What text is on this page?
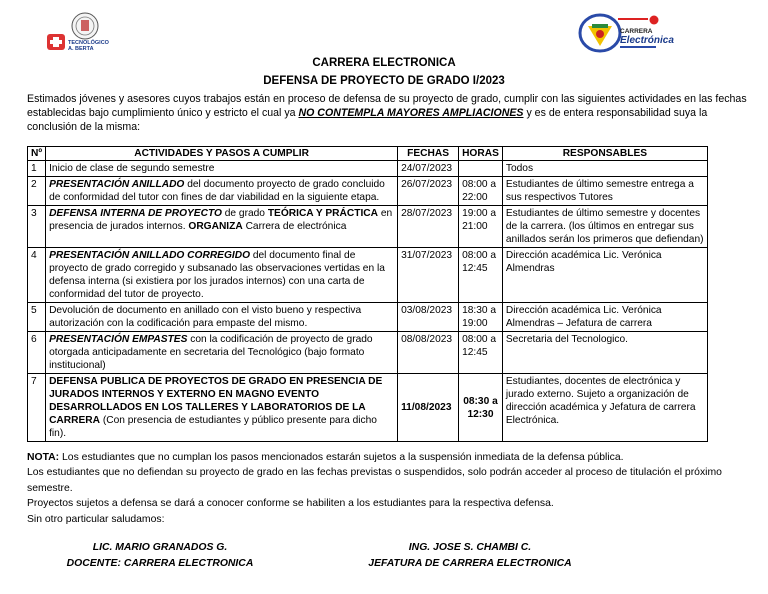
TECNOLÓGICO
A. BERTA
CARRERA
Electrónica
CARRERA ELECTRONICA
DEFENSA DE PROYECTO DE GRADO I/2023
Estimados jóvenes y asesores cuyos trabajos están en proceso de defensa de su proyecto de grado, cumplir con las siguientes actividades en las fechas
establecidas bajo cumplimiento único y estricto el cual ya NO CONTEMPLA MAYORES AMPLIACIONES y es de entera responsabilidad suya la
conclusión de la misma:
Nº	ACTIVIDADES Y PASOS A CUMPLIR	FECHAS	HORAS	RESPONSABLES
1	Inicio de clase de segundo semestre	24/07/2023		Todos
2	PRESENTACIÓN ANILLADO del documento proyecto de grado concluido de conformidad del tutor con fines de dar viabilidad en la siguiente etapa.	26/07/2023	08:00 a 22:00	Estudiantes de último semestre entrega a sus respectivos Tutores
3	DEFENSA INTERNA DE PROYECTO de grado TEÓRICA Y PRÁCTICA en presencia de jurados internos. ORGANIZA Carrera de electrónica	28/07/2023	19:00 a 21:00	Estudiantes de último semestre y docentes de la carrera. (los últimos en entregar sus anillados serán los primeros que defiendan)
4	PRESENTACIÓN ANILLADO CORREGIDO del documento final de proyecto de grado corregido y subsanado las observaciones vertidas en la defensa interna (si existiera por los jurados internos) con una carta de conformidad del tutor de proyecto.	31/07/2023	08:00 a 12:45	Dirección académica Lic. Verónica Almendras
5	Devolución de documento en anillado con el visto bueno y respectiva autorización con la codificación para empaste del mismo.	03/08/2023	18:30 a 19:00	Dirección académica Lic. Verónica Almendras – Jefatura de carrera
6	PRESENTACIÓN EMPASTES con la codificación de proyecto de grado otorgada anticipadamente en secretaria del Tecnológico (bajo formato institucional)	08/08/2023	08:00 a 12:45	Secretaria del Tecnologico.
7	DEFENSA PUBLICA DE PROYECTOS DE GRADO EN PRESENCIA DE JURADOS INTERNOS Y EXTERNO EN MAGNO EVENTO DESARROLLADOS EN LOS TALLERES Y LABORATORIOS DE LA CARRERA (Con presencia de estudiantes y público presente para dicho fin).	11/08/2023	08:30 a 12:30	Estudiantes, docentes de electrónica y jurado externo. Sujeto a organización de dirección académica y Jefatura de carrera Electrónica.
NOTA: Los estudiantes que no cumplan los pasos mencionados estarán sujetos a la suspensión inmediata de la defensa pública.
Los estudiantes que no defiendan su proyecto de grado en las fechas previstas o suspendidos, solo podrán acceder al proceso de titulación el próximo semestre.
Proyectos sujetos a defensa se dará a conocer conforme se habiliten a los estudiantes para la respectiva defensa.
Sin otro particular saludamos:
LIC. MARIO GRANADOS G.
DOCENTE: CARRERA ELECTRONICA
ING. JOSE S. CHAMBI C.
JEFATURA DE CARRERA ELECTRONICA
